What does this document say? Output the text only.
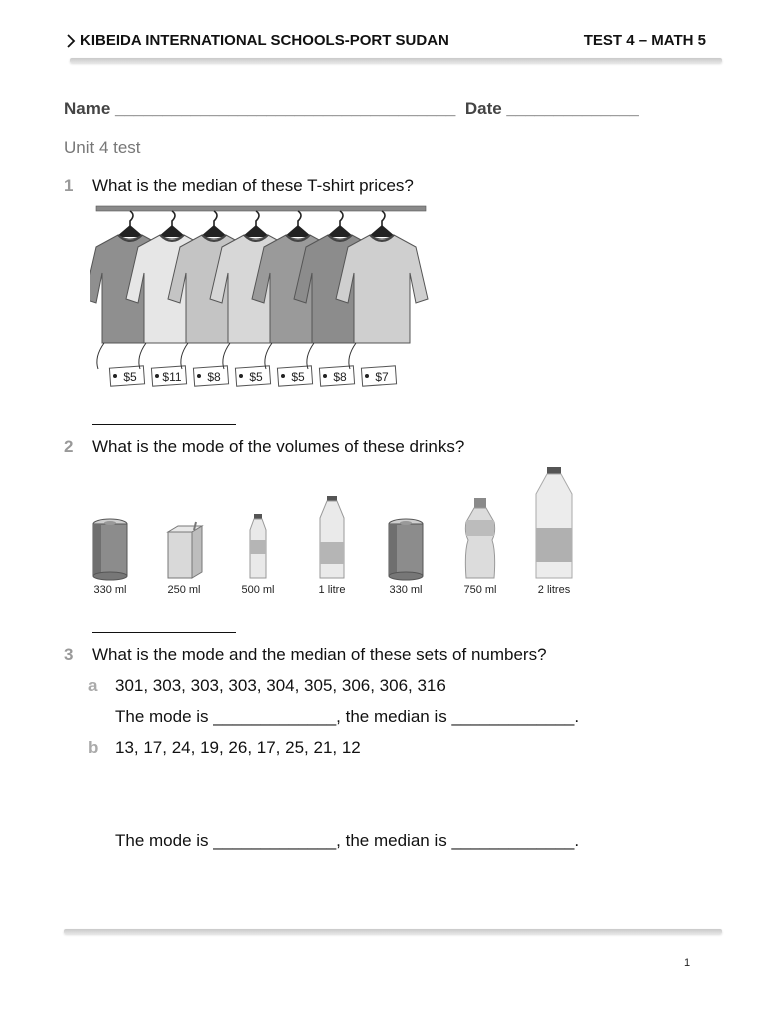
KIBEIDA INTERNATIONAL SCHOOLS-PORT SUDAN	TEST 4 – MATH 5
Name ____________________________________  Date ______________
Unit 4 test
1 What is the median of these T-shirt prices?
$5 $11 $8 $5 $5 $8 $7
2 What is the mode of the volumes of these drinks?
330 ml	250 ml	500 ml	1 litre	330 ml	750 ml	2 litres
3 What is the mode and the median of these sets of numbers?
a 301, 303, 303, 303, 304, 305, 306, 306, 316
The mode is _____________, the median is _____________.
b 13, 17, 24, 19, 26, 17, 25, 21, 12
The mode is _____________, the median is _____________.
1
